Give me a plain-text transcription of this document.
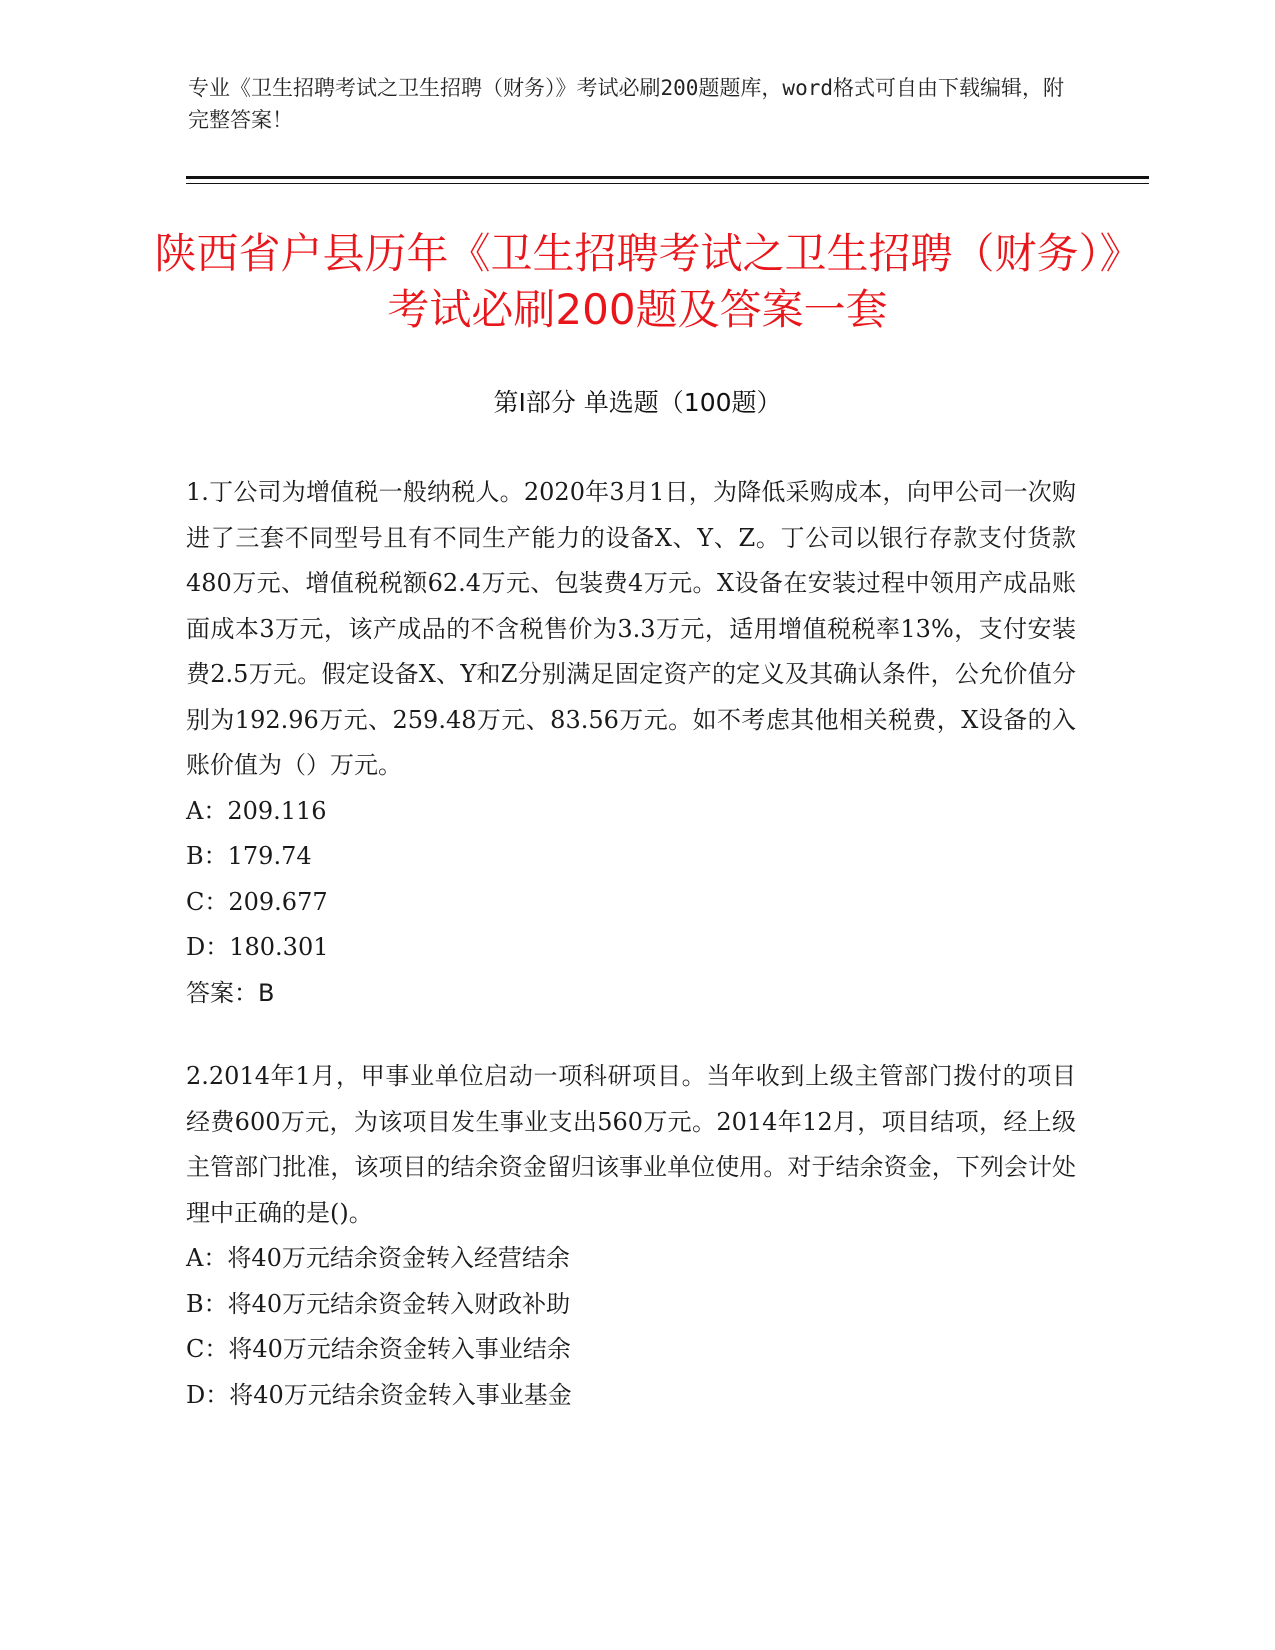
专业《卫生招聘考试之卫生招聘（财务）》考试必刷200题题库，word格式可自由下载编辑，附完整答案！
陕西省户县历年《卫生招聘考试之卫生招聘（财务）》考试必刷200题及答案一套
第Ⅰ部分 单选题（100题）

1.丁公司为增值税一般纳税人。2020年3月1日，为降低采购成本，向甲公司一次购进了三套不同型号且有不同生产能力的设备X、Y、Z。丁公司以银行存款支付货款480万元、增值税税额62.4万元、包装费4万元。X设备在安装过程中领用产成品账面成本3万元，该产成品的不含税售价为3.3万元，适用增值税税率13%，支付安装费2.5万元。假定设备X、Y和Z分别满足固定资产的定义及其确认条件，公允价值分别为192.96万元、259.48万元、83.56万元。如不考虑其他相关税费，X设备的入账价值为（）万元。

A：209.116
B：179.74
C：209.677
D：180.301
答案：B

2.2014年1月，甲事业单位启动一项科研项目。当年收到上级主管部门拨付的项目经费600万元，为该项目发生事业支出560万元。2014年12月，项目结项，经上级主管部门批准，该项目的结余资金留归该事业单位使用。对于结余资金，下列会计处理中正确的是()。

A：将40万元结余资金转入经营结余
B：将40万元结余资金转入财政补助
C：将40万元结余资金转入事业结余
D：将40万元结余资金转入事业基金
